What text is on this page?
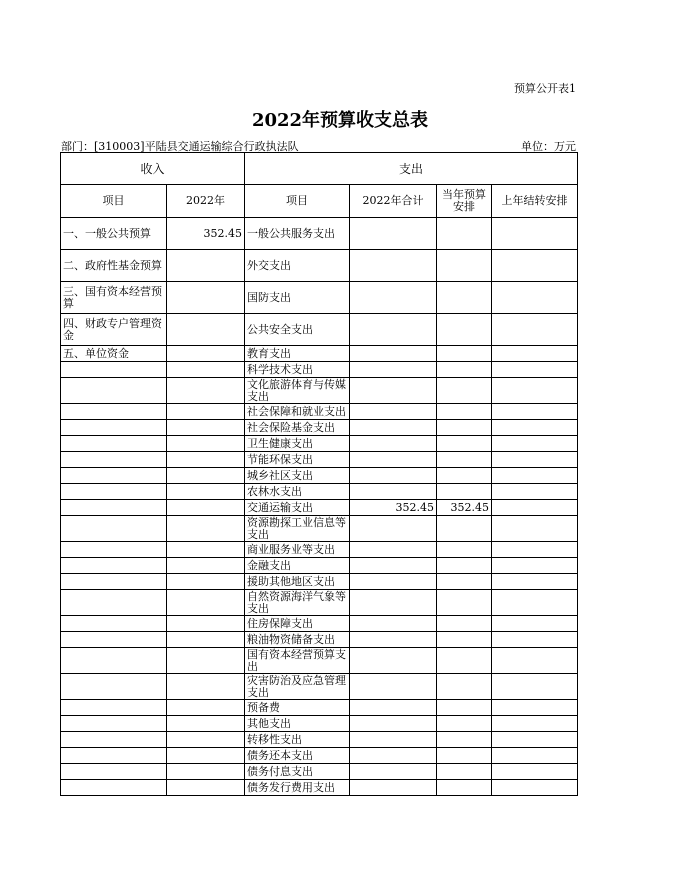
预算公开表1
2022年预算收支总表
部门：[310003]平陆县交通运输综合行政执法队	单位：万元
收入		支出			
项目	2022年	项目	2022年合计	当年预算安排	上年结转安排
一、一般公共预算	352.45	一般公共服务支出			
二、政府性基金预算		外交支出			
三、国有资本经营预算		国防支出			
四、财政专户管理资金		公共安全支出			
五、单位资金		教育支出			
		科学技术支出			
		文化旅游体育与传媒支出			
		社会保障和就业支出			
		社会保险基金支出			
		卫生健康支出			
		节能环保支出			
		城乡社区支出			
		农林水支出			
		交通运输支出	352.45	352.45	
		资源勘探工业信息等支出			
		商业服务业等支出			
		金融支出			
		援助其他地区支出			
		自然资源海洋气象等支出			
		住房保障支出			
		粮油物资储备支出			
		国有资本经营预算支出			
		灾害防治及应急管理支出			
		预备费			
		其他支出			
		转移性支出			
		债务还本支出			
		债务付息支出			
		债务发行费用支出			
